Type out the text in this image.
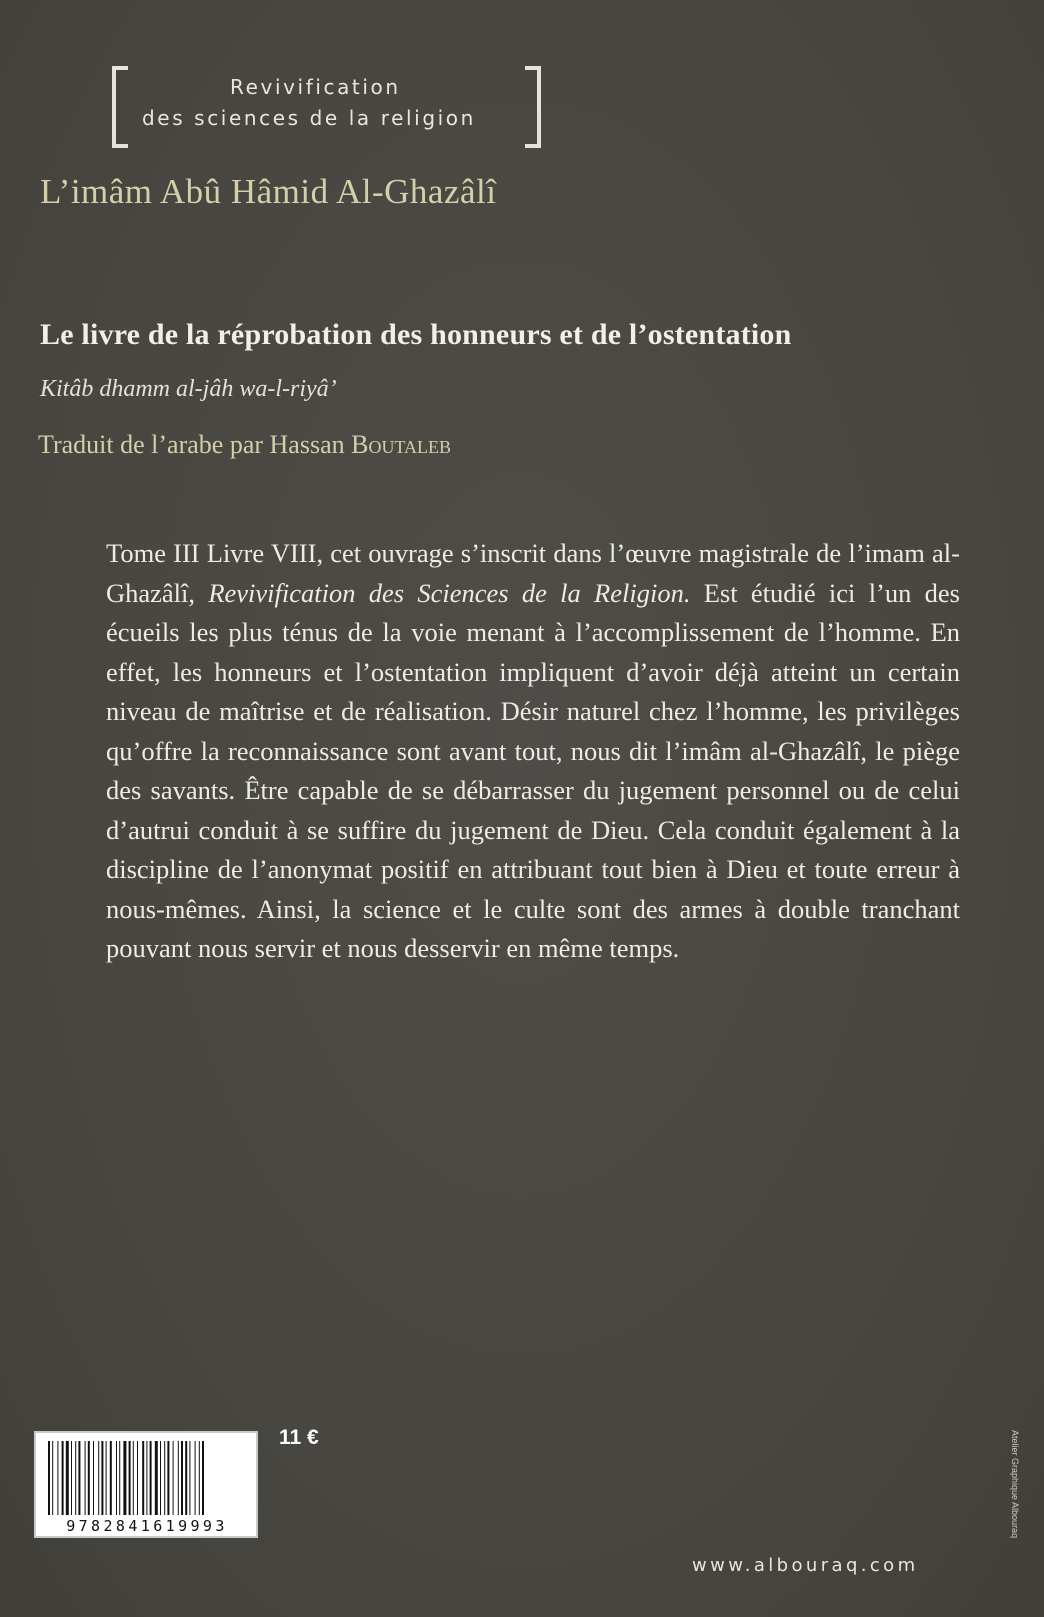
Revivification
des sciences de la religion
L’imâm Abû Hâmid Al-Ghazâlî
Le livre de la réprobation des honneurs et de l’ostentation
Kitâb dhamm al-jâh wa-l-riyâ’
Traduit de l’arabe par Hassan Boutaleb

Tome III Livre VIII, cet ouvrage s’inscrit dans l’œuvre magistrale de l’imam al-Ghazâlî, Revivification des Sciences de la Religion. Est étudié ici l’un des écueils les plus ténus de la voie menant à l’accomplissement de l’homme. En effet, les honneurs et l’ostentation impliquent d’avoir déjà atteint un certain niveau de maîtrise et de réalisation. Désir naturel chez l’homme, les privilèges qu’offre la reconnaissance sont avant tout, nous dit l’imâm al-Ghazâlî, le piège des savants. Être capable de se débarrasser du jugement personnel ou de celui d’autrui conduit à se suffire du jugement de Dieu. Cela conduit également à la discipline de l’anonymat positif en attribuant tout bien à Dieu et toute erreur à nous-mêmes. Ainsi, la science et le culte sont des armes à double tranchant pouvant nous servir et nous desservir en même temps.

9782841619993
11 €
www.albouraq.com
Atelier Graphique Albouraq
